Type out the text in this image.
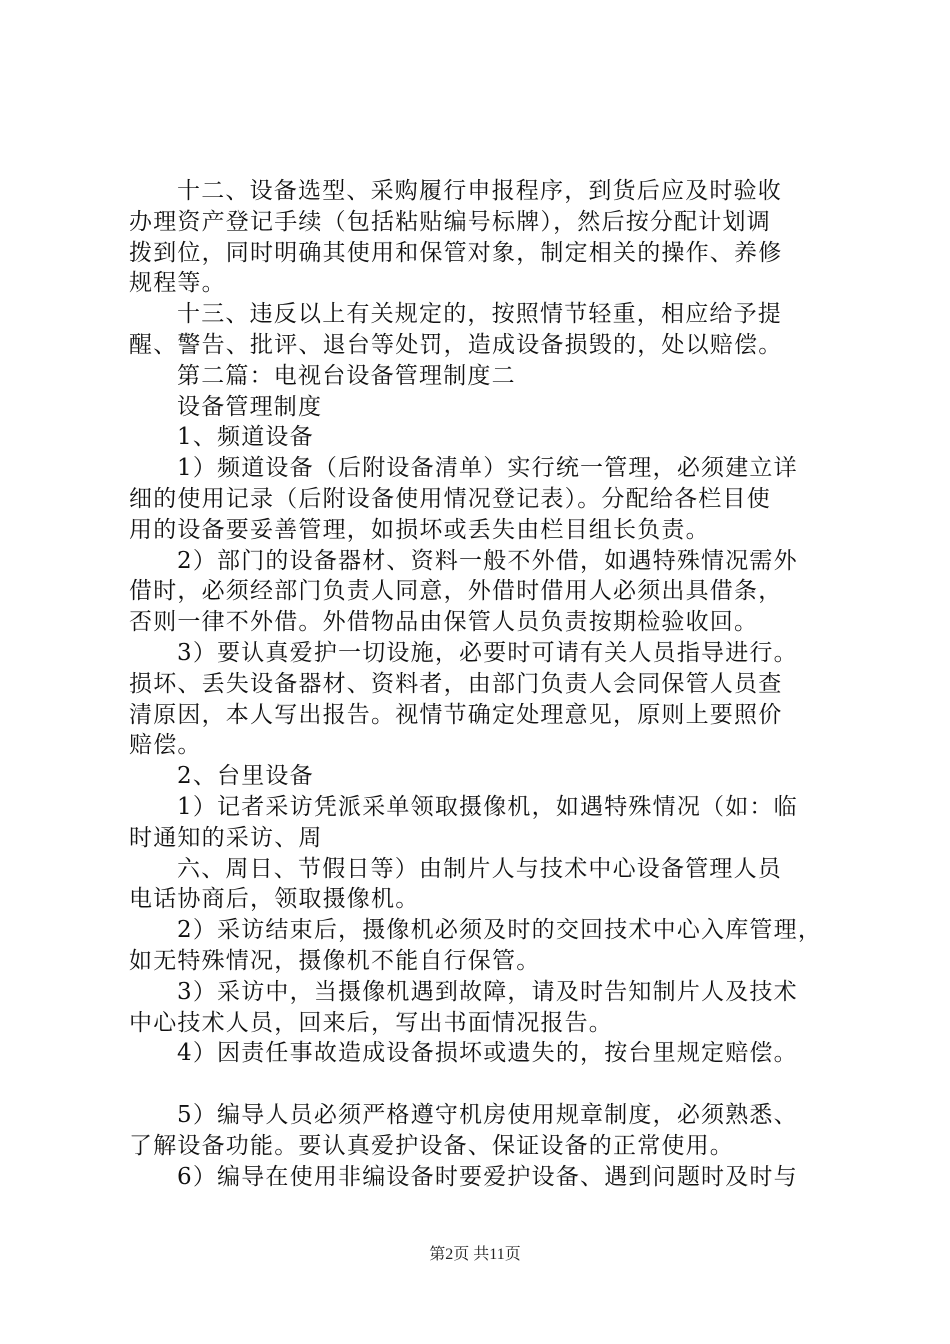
十二、设备选型、采购履行申报程序，到货后应及时验收
办理资产登记手续（包括粘贴编号标牌），然后按分配计划调
拨到位，同时明确其使用和保管对象，制定相关的操作、养修
规程等。
十三、违反以上有关规定的，按照情节轻重，相应给予提
醒、警告、批评、退台等处罚，造成设备损毁的，处以赔偿。
第二篇：电视台设备管理制度二
设备管理制度
1、频道设备
1）频道设备（后附设备清单）实行统一管理，必须建立详
细的使用记录（后附设备使用情况登记表）。分配给各栏目使
用的设备要妥善管理，如损坏或丢失由栏目组长负责。
2）部门的设备器材、资料一般不外借，如遇特殊情况需外
借时，必须经部门负责人同意，外借时借用人必须出具借条，
否则一律不外借。外借物品由保管人员负责按期检验收回。
3）要认真爱护一切设施，必要时可请有关人员指导进行。
损坏、丢失设备器材、资料者，由部门负责人会同保管人员查
清原因，本人写出报告。视情节确定处理意见，原则上要照价
赔偿。
2、台里设备
1）记者采访凭派采单领取摄像机，如遇特殊情况（如：临
时通知的采访、周
六、周日、节假日等）由制片人与技术中心设备管理人员
电话协商后，领取摄像机。
2）采访结束后，摄像机必须及时的交回技术中心入库管理，
如无特殊情况，摄像机不能自行保管。
3）采访中，当摄像机遇到故障，请及时告知制片人及技术
中心技术人员，回来后，写出书面情况报告。
4）因责任事故造成设备损坏或遗失的，按台里规定赔偿。
5）编导人员必须严格遵守机房使用规章制度，必须熟悉、
了解设备功能。要认真爱护设备、保证设备的正常使用。
6）编导在使用非编设备时要爱护设备、遇到问题时及时与
第2页 共11页
